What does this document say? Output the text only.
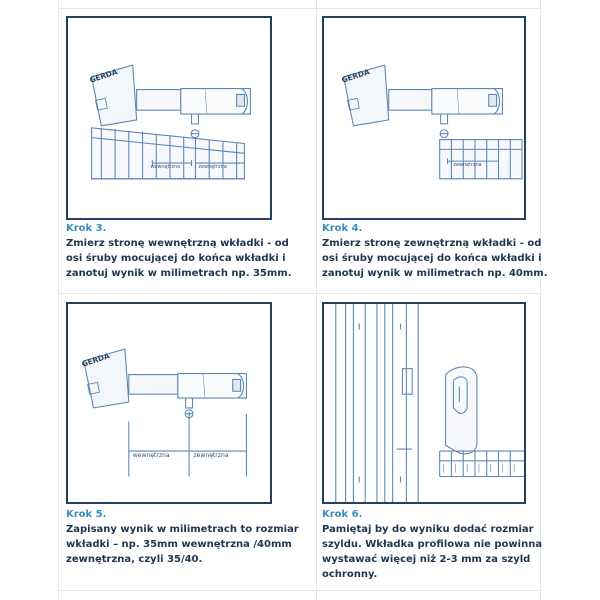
GERDA
wewnętrzna	zewnętrzna
Krok 3.
Zmierz stronę wewnętrzną wkładki - od osi śruby mocującej do końca wkładki i zanotuj wynik w milimetrach np. 35mm.
GERDA
zewnętrzna
Krok 4.
Zmierz stronę zewnętrzną wkładki - od osi śruby mocującej do końca wkładki i zanotuj wynik w milimetrach np. 40mm.
GERDA
wewnętrzna	zewnętrzna
Krok 5.
Zapisany wynik w milimetrach to rozmiar wkładki – np. 35mm wewnętrzna /40mm zewnętrzna, czyli 35/40.
Krok 6.
Pamiętaj by do wyniku dodać rozmiar szyldu. Wkładka profilowa nie powinna wystawać więcej niż 2-3 mm za szyld ochronny.
